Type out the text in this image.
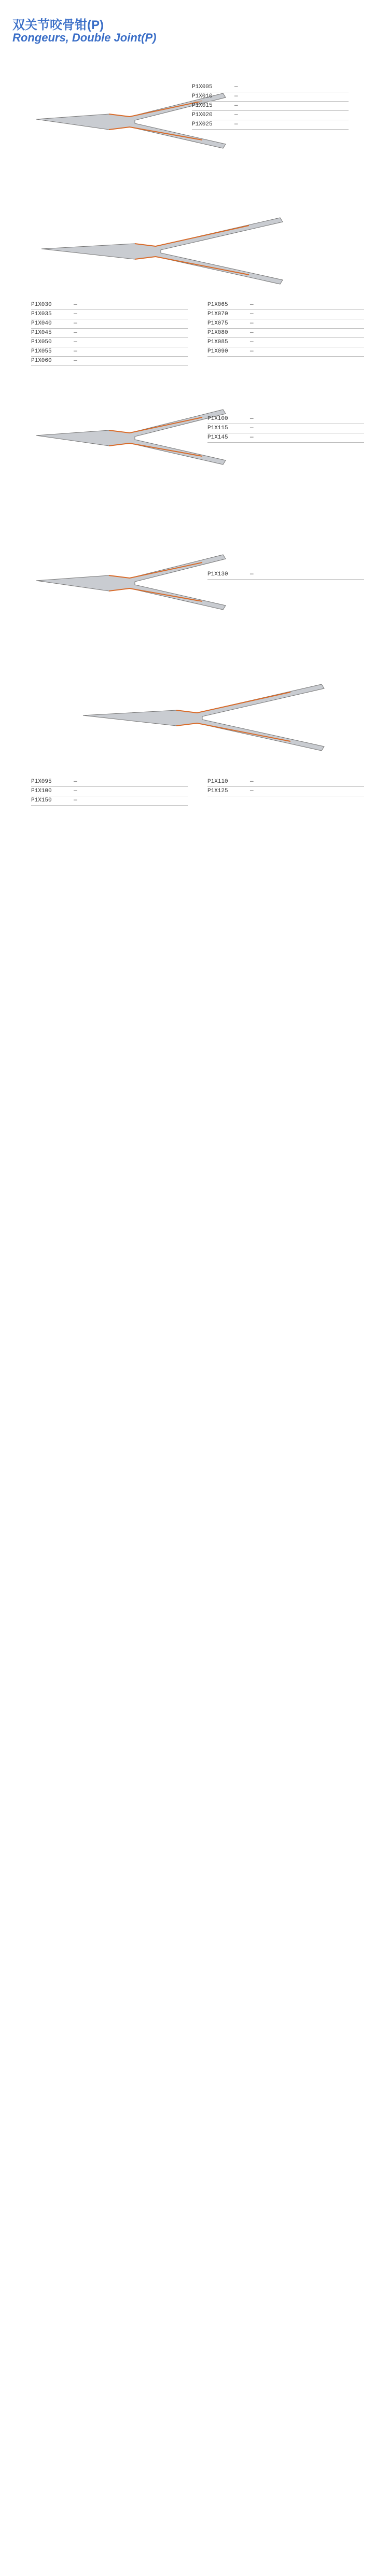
双关节咬骨钳(P)
Rongeurs, Double Joint(P)
P1X005	—
P1X010	—
P1X015	—
P1X020	—
P1X025	—
P1X030	—
P1X035	—
P1X040	—
P1X045	—
P1X050	—
P1X055	—
P1X060	—
P1X065	—
P1X070	—
P1X075	—
P1X080	—
P1X085	—
P1X090	—
P1X100	—
P1X115	—
P1X145	—
P1X130	—
P1X095	—
P1X100	—
P1X150	—
P1X110	—
P1X125	—
